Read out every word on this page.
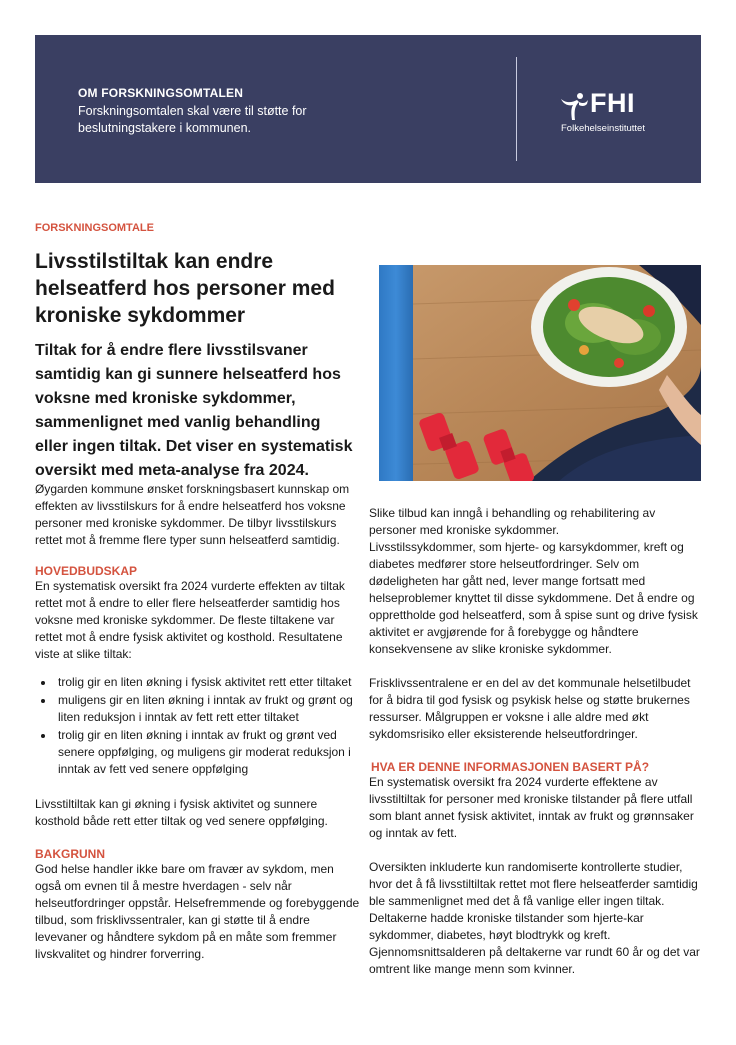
OM FORSKNINGSOMTALEN
Forskningsomtalen skal være til støtte for beslutningstakere i kommunen.
FHI
Folkehelseinstituttet
FORSKNINGSOMTALE
Livsstilstiltak kan endre helseatferd hos personer med kroniske sykdommer

Tiltak for å endre flere livsstilsvaner samtidig kan gi sunnere helseatferd hos voksne med kroniske sykdommer, sammenlignet med vanlig behandling eller ingen tiltak. Det viser en systematisk oversikt med meta-analyse fra 2024.

Øygarden kommune ønsket forskningsbasert kunnskap om effekten av livsstilskurs for å endre helseatferd hos voksne personer med kroniske sykdommer. De tilbyr livsstilskurs rettet mot å fremme flere typer sunn helseatferd samtidig.

HOVEDBUDSKAP

En systematisk oversikt fra 2024 vurderte effekten av tiltak rettet mot å endre to eller flere helseatferder samtidig hos voksne med kroniske sykdommer. De fleste tiltakene var rettet mot å endre fysisk aktivitet og kosthold. Resultatene viste at slike tiltak:

• trolig gir en liten økning i fysisk aktivitet rett etter tiltaket
• muligens gir en liten økning i inntak av frukt og grønt og liten reduksjon i inntak av fett rett etter tiltaket
• trolig gir en liten økning i inntak av frukt og grønt ved senere oppfølging, og muligens gir moderat reduksjon i inntak av fett ved senere oppfølging

Livsstiltiltak kan gi økning i fysisk aktivitet og sunnere kosthold både rett etter tiltak og ved senere oppfølging.

BAKGRUNN

God helse handler ikke bare om fravær av sykdom, men også om evnen til å mestre hverdagen - selv når helseutfordringer oppstår. Helsefremmende og forebyggende tilbud, som frisklivssentraler, kan gi støtte til å endre levevaner og håndtere sykdom på en måte som fremmer livskvalitet og hindrer forverring.

Slike tilbud kan inngå i behandling og rehabilitering av personer med kroniske sykdommer.

Livsstilssykdommer, som hjerte- og karsykdommer, kreft og diabetes medfører store helseutfordringer. Selv om dødeligheten har gått ned, lever mange fortsatt med helseproblemer knyttet til disse sykdommene. Det å endre og opprettholde god helseatferd, som å spise sunt og drive fysisk aktivitet er avgjørende for å forebygge og håndtere konsekvensene av slike kroniske sykdommer.

Frisklivssentralene er en del av det kommunale helsetilbudet for å bidra til god fysisk og psykisk helse og støtte brukernes ressurser. Målgruppen er voksne i alle aldre med økt sykdomsrisiko eller eksisterende helseutfordringer.

HVA ER DENNE INFORMASJONEN BASERT PÅ?

En systematisk oversikt fra 2024 vurderte effektene av livsstiltiltak for personer med kroniske tilstander på flere utfall som blant annet fysisk aktivitet, inntak av frukt og grønnsaker og inntak av fett.

Oversikten inkluderte kun randomiserte kontrollerte studier, hvor det å få livsstiltiltak rettet mot flere helseatferder samtidig ble sammenlignet med det å få vanlige eller ingen tiltak. Deltakerne hadde kroniske tilstander som hjerte-kar sykdommer, diabetes, høyt blodtrykk og kreft. Gjennomsnittsalderen på deltakerne var rundt 60 år og det var omtrent like mange menn som kvinner.
